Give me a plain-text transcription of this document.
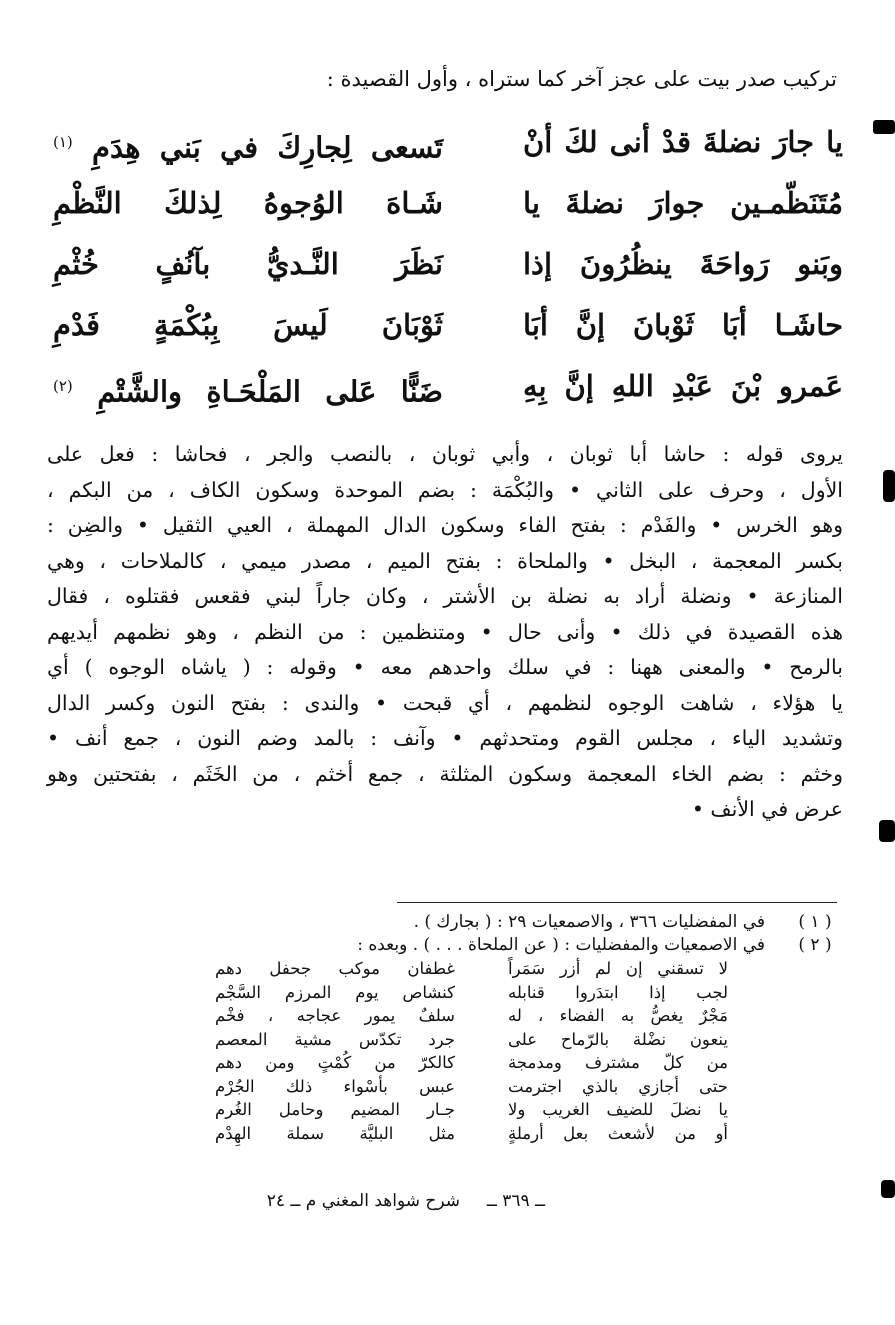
تركيب صدر بيت على عجز آخر كما ستراه ، وأول القصيدة :
يا جارَ نضلةَ قدْ أنى لكَ أنْ
تَسعى لِجارِكَ في بَني هِدَمِ $^{(١)}$
مُتَنَظّمـين جوارَ نضلةَ يا
شَـاهَ الوُجوهُ لِذلكَ النَّظْمِ
وبَنو رَواحَةَ ينظُرُونَ إذا
نَظَرَ النَّـديُّ بآنُفٍ خُثْمِ
حاشَـا أبَا ثَوْبانَ إنَّ أبَا
ثَوْبَانَ لَيسَ بِبُكْمَةٍ فَدْمِ
عَمرو بْنَ عَبْدِ اللهِ إنَّ بِهِ
ضَنًّا عَلى المَلْحَـاةِ والشَّتْمِ $^{(٢)}$
يروى قوله : حاشا أبا ثوبان ، وأبي ثوبان ، بالنصب والجر ، فحاشا : فعل على
الأول ، وحرف على الثاني • والبُكْمَة : بضم الموحدة وسكون الكاف ، من البكم ،
وهو الخرس • والفَدْم : بفتح الفاء وسكون الدال المهملة ، العيي الثقيل • والضِن :
بكسر المعجمة ، البخل • والملحاة : بفتح الميم ، مصدر ميمي ، كالملاحات ، وهي
المنازعة • ونضلة أراد به نضلة بن الأشتر ، وكان جاراً لبني فقعس فقتلوه ، فقال
هذه القصيدة في ذلك • وأنى حال • ومتنظمين : من النظم ، وهو نظمهم أيديهم
بالرمح • والمعنى ههنا : في سلك واحدهم معه • وقوله : ( ياشاه الوجوه ) أي
يا هؤلاء ، شاهت الوجوه لنظمهم ، أي قبحت • والندى : بفتح النون وكسر الدال
وتشديد الياء ، مجلس القوم ومتحدثهم • وآنف : بالمد وضم النون ، جمع أنف •
وخثم : بضم الخاء المعجمة وسكون المثلثة ، جمع أخثم ، من الخَثَم ، بفتحتين وهو
عرض في الأنف •
( ١ )
في المفضليات ٣٦٦ ، والاصمعيات ٢٩ : ( بجارك ) .
( ٢ )
في الاصمعيات والمفضليات : ( عن الملحاة . . . ) . وبعده :
لا تسقني إن لم أزر سَمَراً
غطفان موكب جحفل دهم
لجب إذا ابتدَروا قنابله
كنشاص يوم المرزم السَّجْم
مَجْرٌ يغصُّ به الفضاء ، له
سلفٌ يمور عجاجه ، فخْم
ينعون نضْلة بالرّماح على
جرد تكدّس مشية المعصم
من كلّ مشترف ومدمجة
كالكرّ من كُمْتٍ ومن دهم
حتى أجازي بالذي اجترمت
عبس بأسْواء ذلك الجُرْم
يا نضلَ للضيف الغريب ولا
جـار المضيم وحامل الغُرم
أو من لأشعث بعل أرملةٍ
مثل البليَّة سملة الهِدْم
ــ ٣٦٩ ــ
شرح شواهد المغني م ــ ٢٤
